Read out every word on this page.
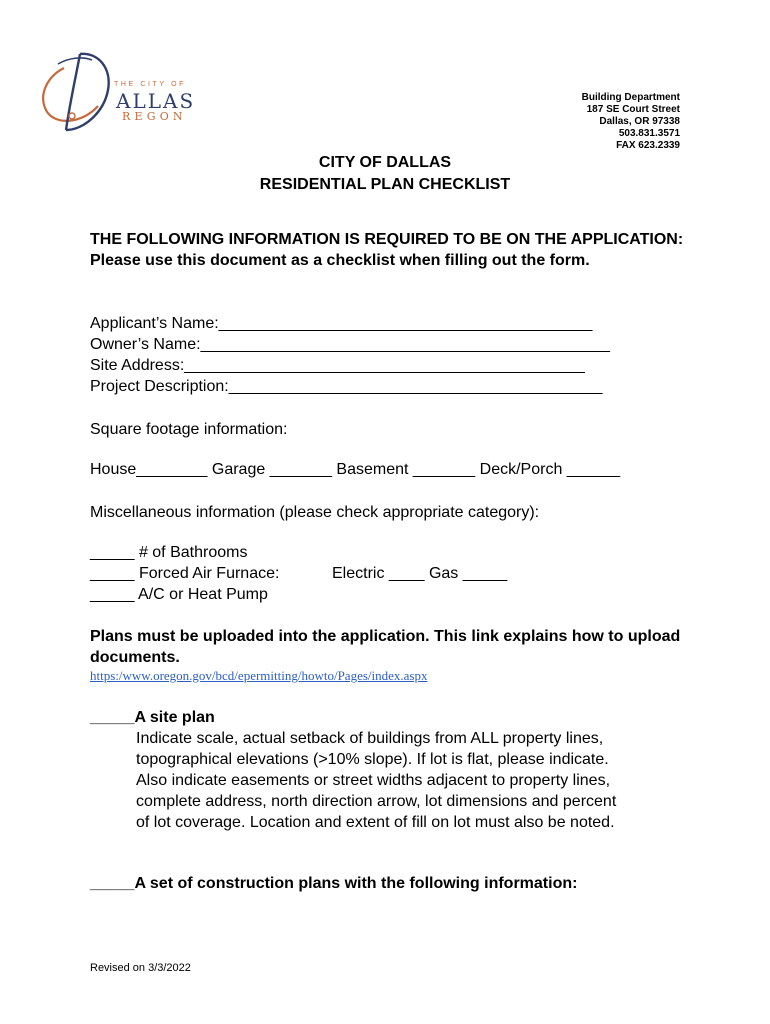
THE CITY OF
ALLAS
REGON
Building Department
187 SE Court Street
Dallas, OR 97338
503.831.3571
FAX 623.2339
CITY OF DALLAS
RESIDENTIAL PLAN CHECKLIST
THE FOLLOWING INFORMATION IS REQUIRED TO BE ON THE APPLICATION: Please use this document as a checklist when filling out the form.
Applicant’s Name:__________________________________________
Owner’s Name:______________________________________________
Site Address:_____________________________________________
Project Description:__________________________________________
Square footage information:
House________ Garage _______ Basement _______ Deck/Porch ______
Miscellaneous information (please check appropriate category):
_____ # of Bathrooms
_____ Forced Air Furnace:
_____ A/C or Heat Pump
Electric ____ Gas _____
Plans must be uploaded into the application. This link explains how to upload documents.
https:/www.oregon.gov/bcd/epermitting/howto/Pages/index.aspx
_____A site plan
Indicate scale, actual setback of buildings from ALL property lines,
topographical elevations (>10% slope). If lot is flat, please indicate.
Also indicate easements or street widths adjacent to property lines,
complete address, north direction arrow, lot dimensions and percent
of lot coverage. Location and extent of fill on lot must also be noted.
_____A set of construction plans with the following information:
Revised on 3/3/2022
